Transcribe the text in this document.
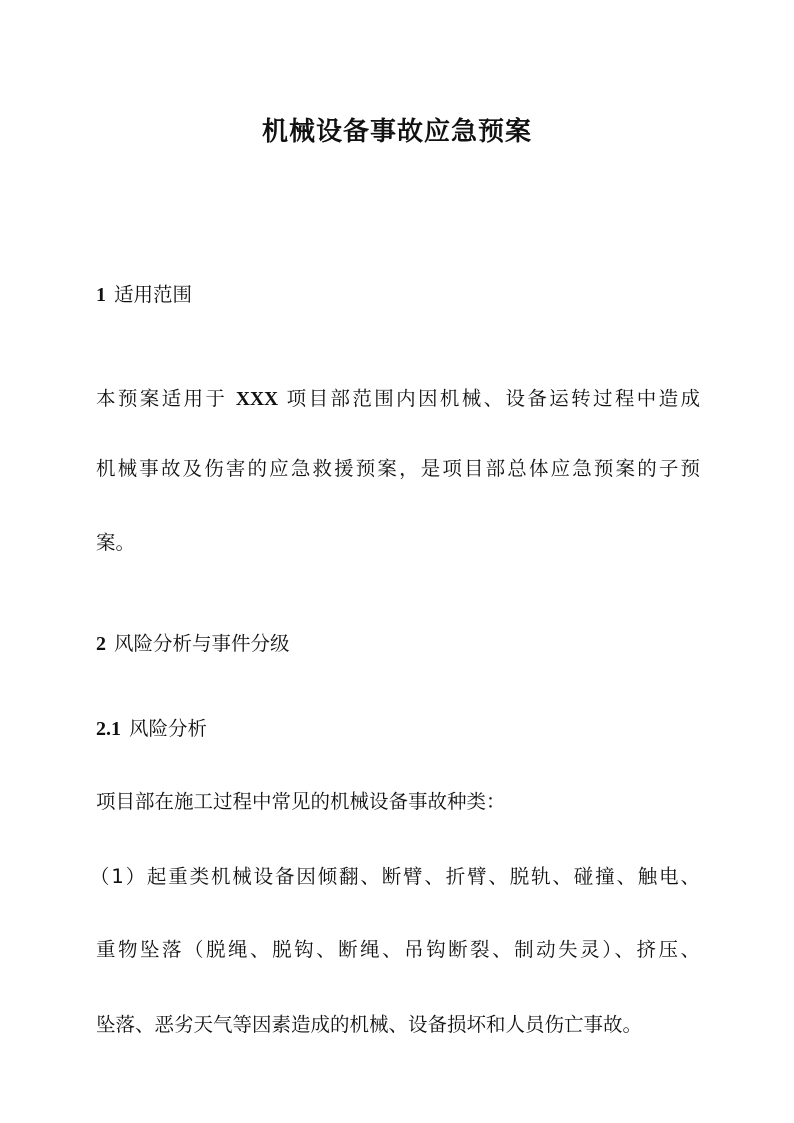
机械设备事故应急预案
1 适用范围
本预案适用于 XXX 项目部范围内因机械、设备运转过程中造成
机械事故及伤害的应急救援预案，是项目部总体应急预案的子预
案。
2 风险分析与事件分级
2.1 风险分析
项目部在施工过程中常见的机械设备事故种类：
（1）起重类机械设备因倾翻、断臂、折臂、脱轨、碰撞、触电、
重物坠落（脱绳、脱钩、断绳、吊钩断裂、制动失灵）、挤压、
坠落、恶劣天气等因素造成的机械、设备损坏和人员伤亡事故。
